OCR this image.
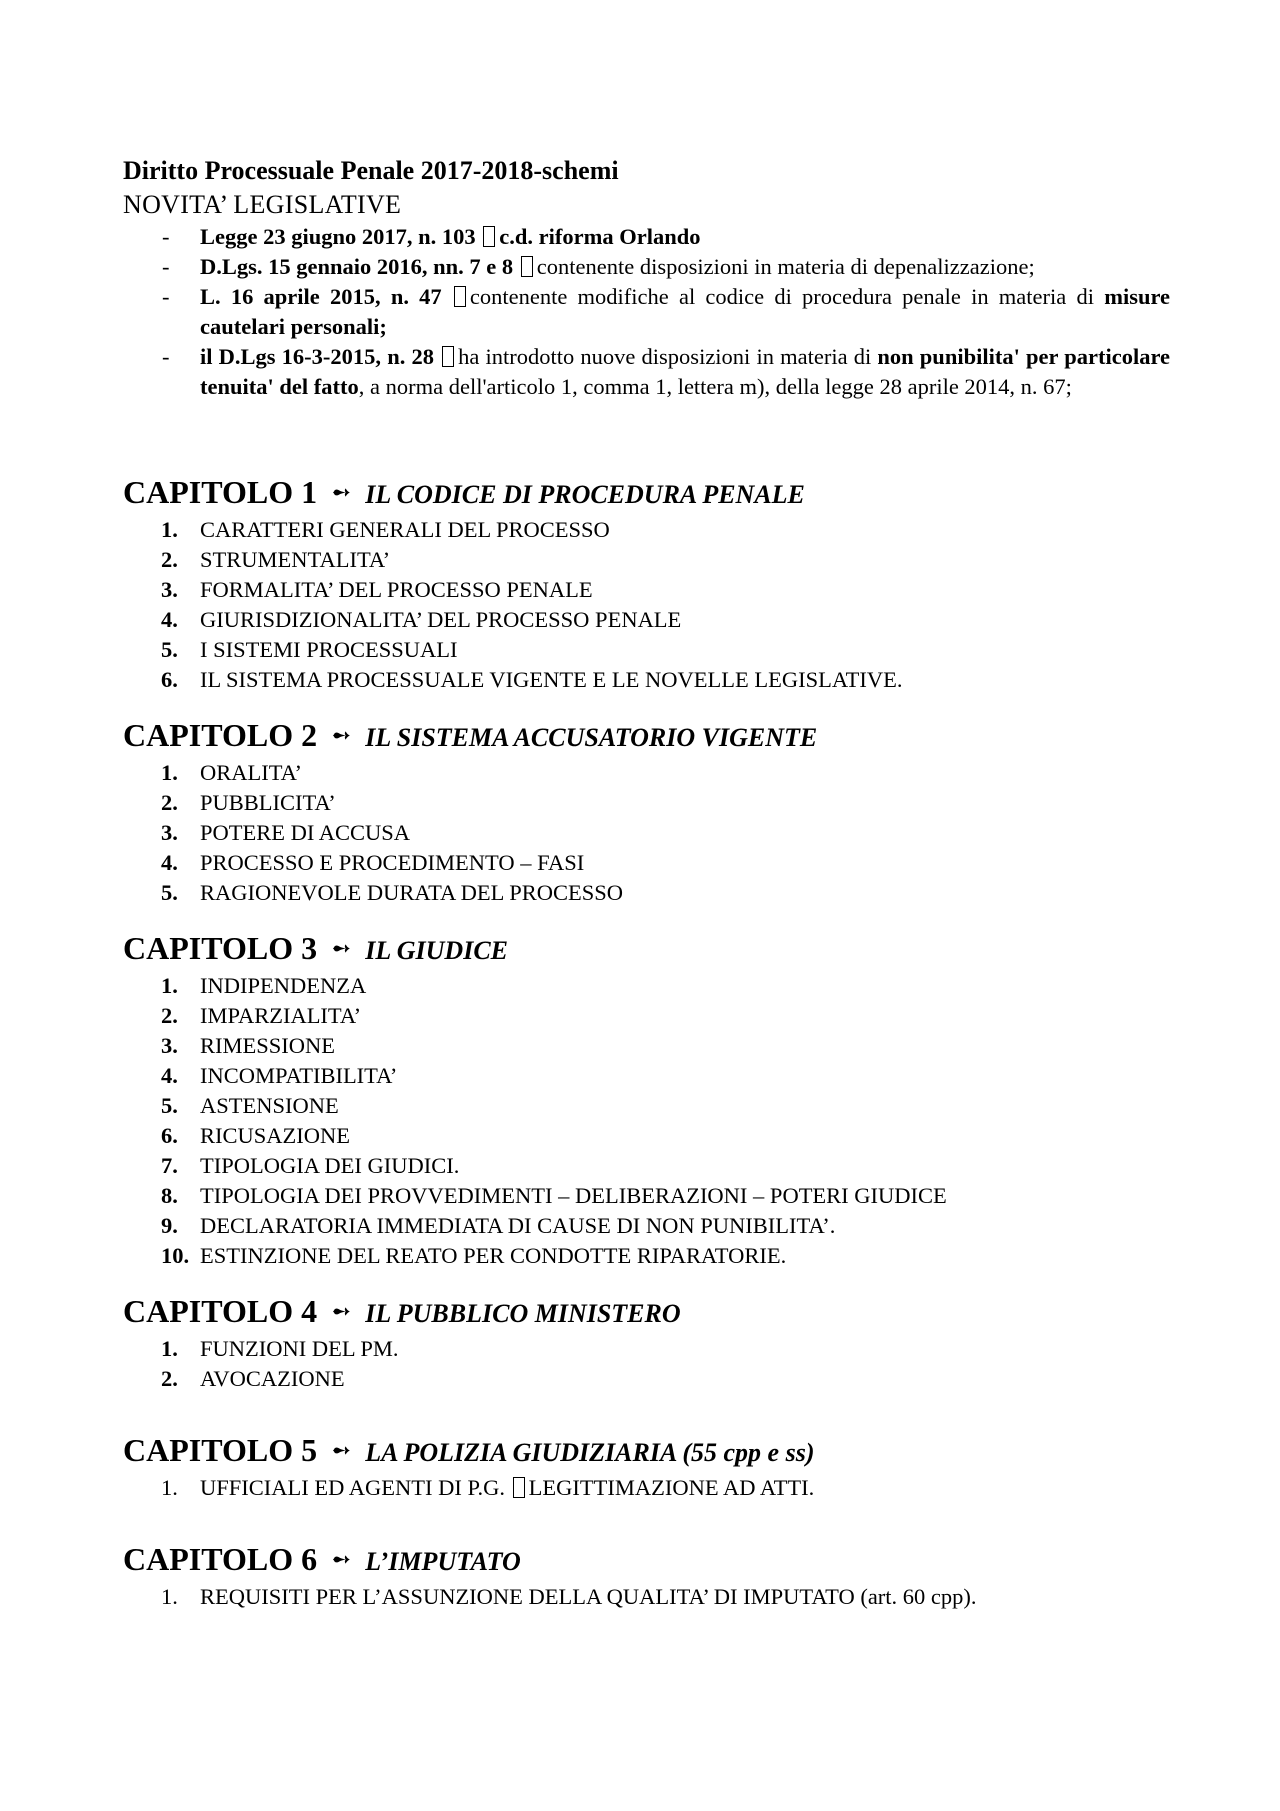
Diritto Processuale Penale 2017-2018-schemi

NOVITA’ LEGISLATIVE

- Legge 23 giugno 2017, n. 103 c.d. riforma Orlando
- D.Lgs. 15 gennaio 2016, nn. 7 e 8 contenente disposizioni in materia di depenalizzazione;
- L. 16 aprile 2015, n. 47 contenente modifiche al codice di procedura penale in materia di misure cautelari personali;
- il D.Lgs 16-3-2015, n. 28 ha introdotto nuove disposizioni in materia di non punibilita' per particolare tenuita' del fatto, a norma dell'articolo 1, comma 1, lettera m), della legge 28 aprile 2014, n. 67;

CAPITOLO 1 ➻ IL CODICE DI PROCEDURA PENALE

1. CARATTERI GENERALI DEL PROCESSO
2. STRUMENTALITA’
3. FORMALITA’ DEL PROCESSO PENALE
4. GIURISDIZIONALITA’ DEL PROCESSO PENALE
5. I SISTEMI PROCESSUALI
6. IL SISTEMA PROCESSUALE VIGENTE E LE NOVELLE LEGISLATIVE.

CAPITOLO 2 ➻ IL SISTEMA ACCUSATORIO VIGENTE

1. ORALITA’
2. PUBBLICITA’
3. POTERE DI ACCUSA
4. PROCESSO E PROCEDIMENTO – FASI
5. RAGIONEVOLE DURATA DEL PROCESSO

CAPITOLO 3 ➻ IL GIUDICE

1. INDIPENDENZA
2. IMPARZIALITA’
3. RIMESSIONE
4. INCOMPATIBILITA’
5. ASTENSIONE
6. RICUSAZIONE
7. TIPOLOGIA DEI GIUDICI.
8. TIPOLOGIA DEI PROVVEDIMENTI – DELIBERAZIONI – POTERI GIUDICE
9. DECLARATORIA IMMEDIATA DI CAUSE DI NON PUNIBILITA’.
10. ESTINZIONE DEL REATO PER CONDOTTE RIPARATORIE.

CAPITOLO 4 ➻ IL PUBBLICO MINISTERO

1. FUNZIONI DEL PM.
2. AVOCAZIONE

CAPITOLO 5 ➻ LA POLIZIA GIUDIZIARIA (55 cpp e ss)

1. UFFICIALI ED AGENTI DI P.G. LEGITTIMAZIONE AD ATTI.

CAPITOLO 6 ➻ L’IMPUTATO

1. REQUISITI PER L’ASSUNZIONE DELLA QUALITA’ DI IMPUTATO (art. 60 cpp).
